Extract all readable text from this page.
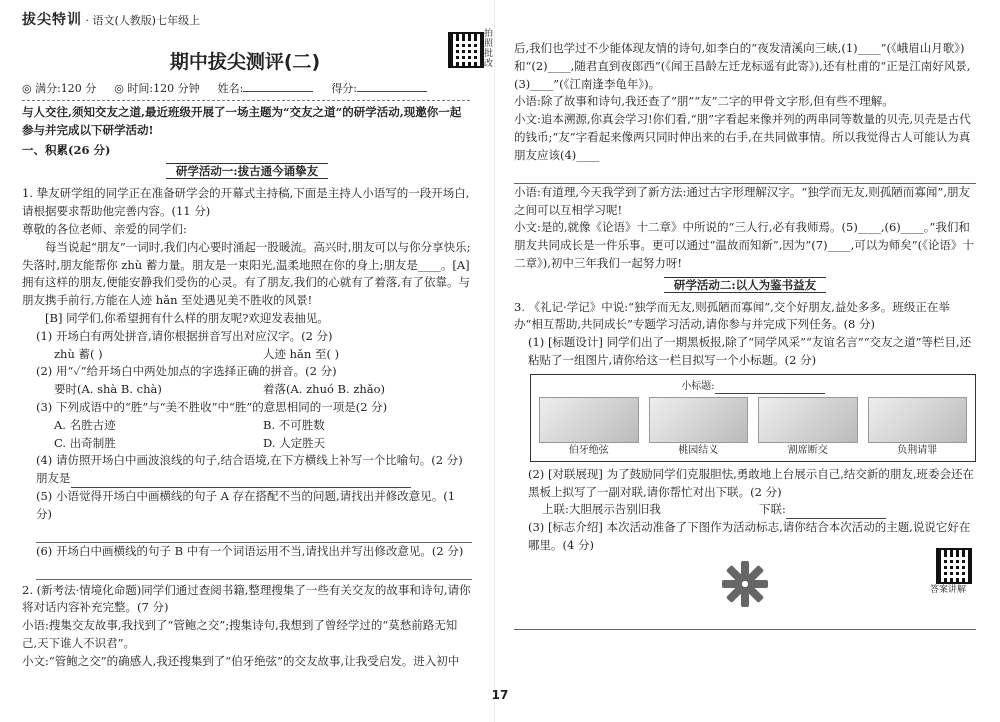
拔尖特训 · 语文(人教版)七年级上
拍照批改
期中拔尖测评(二)
◎ 满分:120 分 ◎ 时间:120 分钟 姓名:	得分:

与人交往,须知交友之道,最近班级开展了一场主题为“交友之道”的研学活动,现邀你一起参与并完成以下研学活动!

一、积累(26 分)

研学活动一:拔古通今诵挚友

1. 挚友研学组的同学正在准备研学会的开幕式主持稿,下面是主持人小语写的一段开场白,请根据要求帮助他完善内容。(11 分)

尊敬的各位老师、亲爱的同学们:

每当说起“朋友”一词时,我们内心要时涌起一股暖流。高兴时,朋友可以与你分享快乐;失落时,朋友能帮你 zhù 蓄力量。朋友是一束阳光,温柔地照在你的身上;朋友是____。[A] 拥有这样的朋友,便能安静我们受伤的心灵。有了朋友,我们的心就有了着落,有了依靠。与朋友携手前行,方能在人迹 hǎn 至处遇见美不胜收的风景!

[B] 同学们,你希望拥有什么样的朋友呢?欢迎发表抽见。

(1) 开场白有两处拼音,请你根据拼音写出对应汉字。(2 分)

zhù 蓄( )	人迹 hǎn 至( )

(2) 用“✓”给开场白中两处加点的字选择正确的拼音。(2 分)

要时(A. shà B. chà)	着落(A. zhuó B. zhǎo)

(3) 下列成语中的“胜”与“美不胜收”中“胜”的意思相同的一项是(2 分)

A. 名胜古迹	B. 不可胜数
C. 出奇制胜	D. 人定胜天

(4) 请仿照开场白中画波浪线的句子,结合语境,在下方横线上补写一个比喻句。(2 分)

朋友是

(5) 小语觉得开场白中画横线的句子 A 存在搭配不当的问题,请找出并修改意见。(1 分)

(6) 开场白中画横线的句子 B 中有一个词语运用不当,请找出并写出修改意见。(2 分)

2. (新考法·情境化命题)同学们通过查阅书籍,整理搜集了一些有关交友的故事和诗句,请你将对话内容补充完整。(7 分)

小语:搜集交友故事,我找到了“管鲍之交”;搜集诗句,我想到了曾经学过的“莫愁前路无知己,天下谁人不识君”。

小文:“管鲍之交”的确感人,我还搜集到了“伯牙绝弦”的交友故事,让我受启发。进入初中

17

后,我们也学过不少能体现友情的诗句,如李白的“夜发清溪向三峡,(1)____”(《峨眉山月歌》)和“(2)____,随君直到夜郎西”(《闻王昌龄左迁龙标遥有此寄》),还有杜甫的“正是江南好风景,(3)____”(《江南逢李龟年》)。

小语:除了故事和诗句,我还查了“朋”“友”二字的甲骨文字形,但有些不理解。

小文:追本溯源,你真会学习!你们看,“朋”字看起来像并列的两串同等数量的贝壳,贝壳是古代的钱币;“友”字看起来像两只同时伸出来的右手,在共同做事情。所以我觉得古人可能认为真朋友应该(4)____

小语:有道理,今天我学到了新方法:通过古字形理解汉字。“独学而无友,则孤陋而寡闻”,朋友之间可以互相学习呢!

小文:是的,就像《论语》十二章》中所说的“三人行,必有我师焉。(5)____,(6)____。”我们和朋友共同成长是一件乐事。更可以通过“温故而知新”,因为“(7)____,可以为师矣”(《论语》十二章》),初中三年我们一起努力呀!

研学活动二:以人为鉴书益友

3. 《礼记·学记》中说:“独学而无友,则孤陋而寡闻”,交个好朋友,益处多多。班级正在举办“相互帮助,共同成长”专题学习活动,请你参与并完成下列任务。(8 分)

(1) [标题设计] 同学们出了一期黑板报,除了“同学风采”“友谊名言”“交友之道”等栏目,还粘贴了一组图片,请你给这一栏目拟写一个小标题。(2 分)

小标题:
伯牙绝弦	桃园结义	割席断交	负荆请罪

(2) [对联展现] 为了鼓励同学们克服胆怯,勇敢地上台展示自己,结交新的朋友,班委会还在黑板上拟写了一副对联,请你帮忙对出下联。(2 分)

上联:大胆展示告别旧我	下联:

(3) [标志介绍] 本次活动准备了下图作为活动标志,请你结合本次活动的主题,说说它好在哪里。(4 分)

答案讲解
